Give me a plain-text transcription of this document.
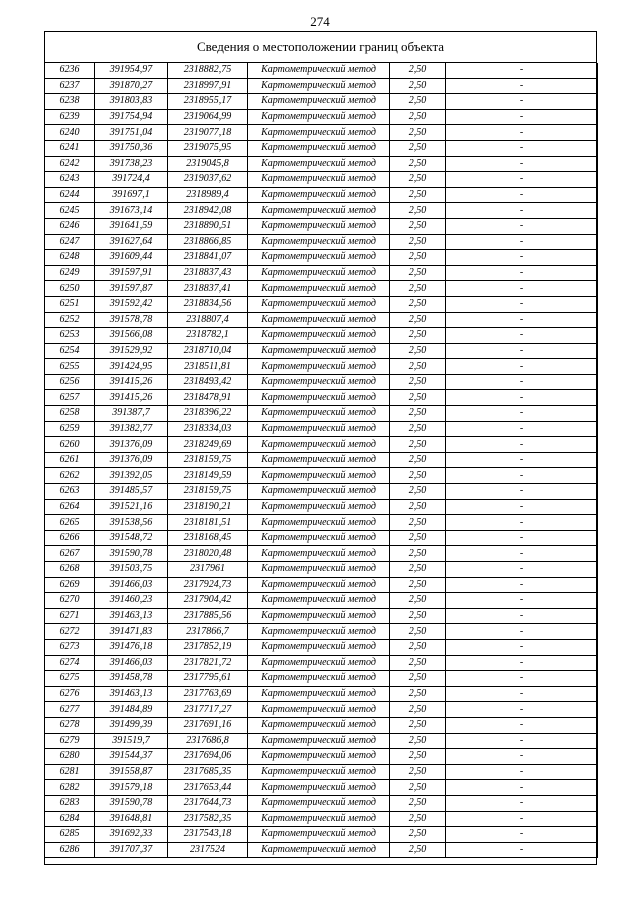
274
Сведения о местоположении границ объекта
6236	391954,97	2318882,75	Картометрический метод	2,50	-
6237	391870,27	2318997,91	Картометрический метод	2,50	-
6238	391803,83	2318955,17	Картометрический метод	2,50	-
6239	391754,94	2319064,99	Картометрический метод	2,50	-
6240	391751,04	2319077,18	Картометрический метод	2,50	-
6241	391750,36	2319075,95	Картометрический метод	2,50	-
6242	391738,23	2319045,8	Картометрический метод	2,50	-
6243	391724,4	2319037,62	Картометрический метод	2,50	-
6244	391697,1	2318989,4	Картометрический метод	2,50	-
6245	391673,14	2318942,08	Картометрический метод	2,50	-
6246	391641,59	2318890,51	Картометрический метод	2,50	-
6247	391627,64	2318866,85	Картометрический метод	2,50	-
6248	391609,44	2318841,07	Картометрический метод	2,50	-
6249	391597,91	2318837,43	Картометрический метод	2,50	-
6250	391597,87	2318837,41	Картометрический метод	2,50	-
6251	391592,42	2318834,56	Картометрический метод	2,50	-
6252	391578,78	2318807,4	Картометрический метод	2,50	-
6253	391566,08	2318782,1	Картометрический метод	2,50	-
6254	391529,92	2318710,04	Картометрический метод	2,50	-
6255	391424,95	2318511,81	Картометрический метод	2,50	-
6256	391415,26	2318493,42	Картометрический метод	2,50	-
6257	391415,26	2318478,91	Картометрический метод	2,50	-
6258	391387,7	2318396,22	Картометрический метод	2,50	-
6259	391382,77	2318334,03	Картометрический метод	2,50	-
6260	391376,09	2318249,69	Картометрический метод	2,50	-
6261	391376,09	2318159,75	Картометрический метод	2,50	-
6262	391392,05	2318149,59	Картометрический метод	2,50	-
6263	391485,57	2318159,75	Картометрический метод	2,50	-
6264	391521,16	2318190,21	Картометрический метод	2,50	-
6265	391538,56	2318181,51	Картометрический метод	2,50	-
6266	391548,72	2318168,45	Картометрический метод	2,50	-
6267	391590,78	2318020,48	Картометрический метод	2,50	-
6268	391503,75	2317961	Картометрический метод	2,50	-
6269	391466,03	2317924,73	Картометрический метод	2,50	-
6270	391460,23	2317904,42	Картометрический метод	2,50	-
6271	391463,13	2317885,56	Картометрический метод	2,50	-
6272	391471,83	2317866,7	Картометрический метод	2,50	-
6273	391476,18	2317852,19	Картометрический метод	2,50	-
6274	391466,03	2317821,72	Картометрический метод	2,50	-
6275	391458,78	2317795,61	Картометрический метод	2,50	-
6276	391463,13	2317763,69	Картометрический метод	2,50	-
6277	391484,89	2317717,27	Картометрический метод	2,50	-
6278	391499,39	2317691,16	Картометрический метод	2,50	-
6279	391519,7	2317686,8	Картометрический метод	2,50	-
6280	391544,37	2317694,06	Картометрический метод	2,50	-
6281	391558,87	2317685,35	Картометрический метод	2,50	-
6282	391579,18	2317653,44	Картометрический метод	2,50	-
6283	391590,78	2317644,73	Картометрический метод	2,50	-
6284	391648,81	2317582,35	Картометрический метод	2,50	-
6285	391692,33	2317543,18	Картометрический метод	2,50	-
6286	391707,37	2317524	Картометрический метод	2,50	-
